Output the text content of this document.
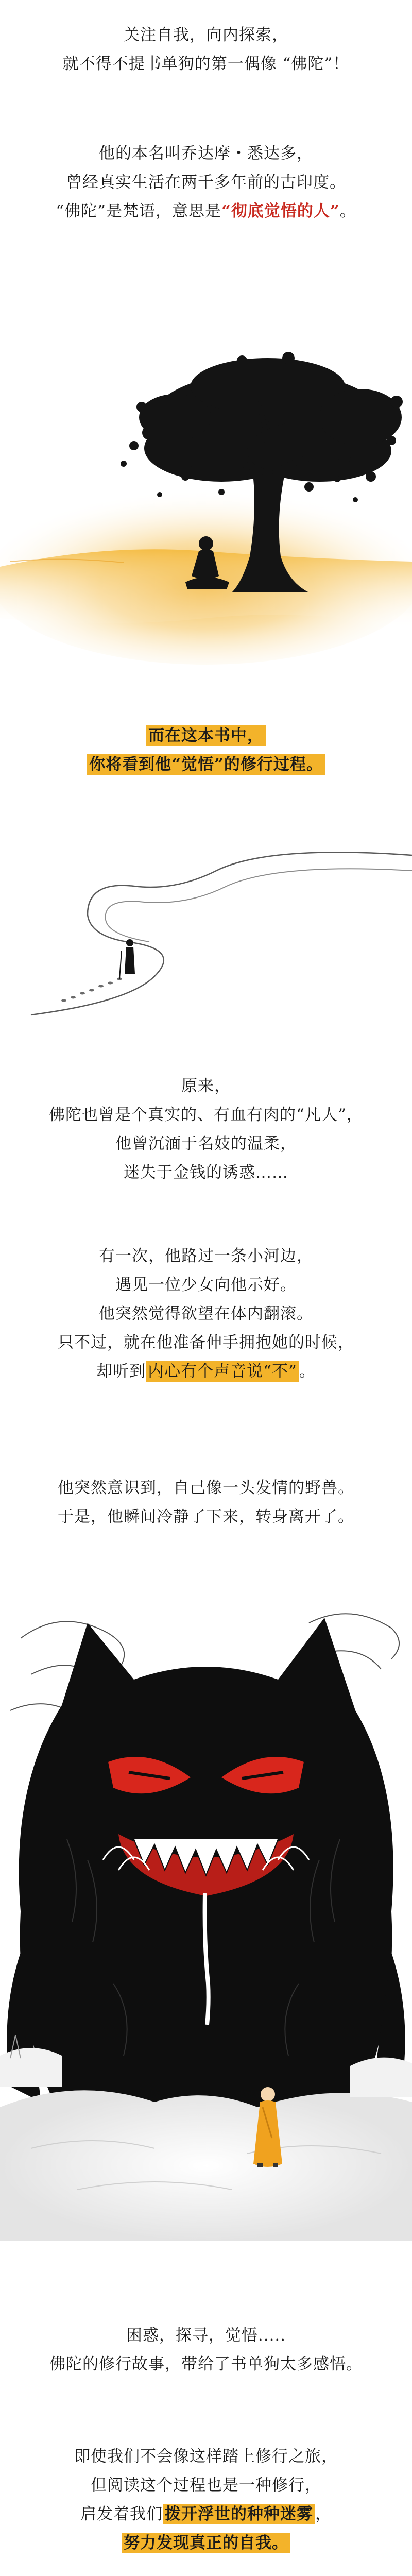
关注自我，向内探索，
就不得不提书单狗的第一偶像 “佛陀”！
他的本名叫乔达摩・悉达多，
曾经真实生活在两千多年前的古印度。
“佛陀”是梵语，意思是“彻底觉悟的人”。
而在这本书中，
你将看到他“觉悟”的修行过程。
原来，
佛陀也曾是个真实的、有血有肉的“凡人”，
他曾沉湎于名妓的温柔，
迷失于金钱的诱惑……
有一次，他路过一条小河边，
遇见一位少女向他示好。
他突然觉得欲望在体内翻滚。
只不过，就在他准备伸手拥抱她的时候，
却听到 内心有个声音说“不” 。
他突然意识到，自己像一头发情的野兽。
于是，他瞬间冷静了下来，转身离开了。
困惑，探寻，觉悟.....
佛陀的修行故事，带给了书单狗太多感悟。
即使我们不会像这样踏上修行之旅，
但阅读这个过程也是一种修行，
启发着我们 拨开浮世的种种迷雾 ，
努力发现真正的自我。
